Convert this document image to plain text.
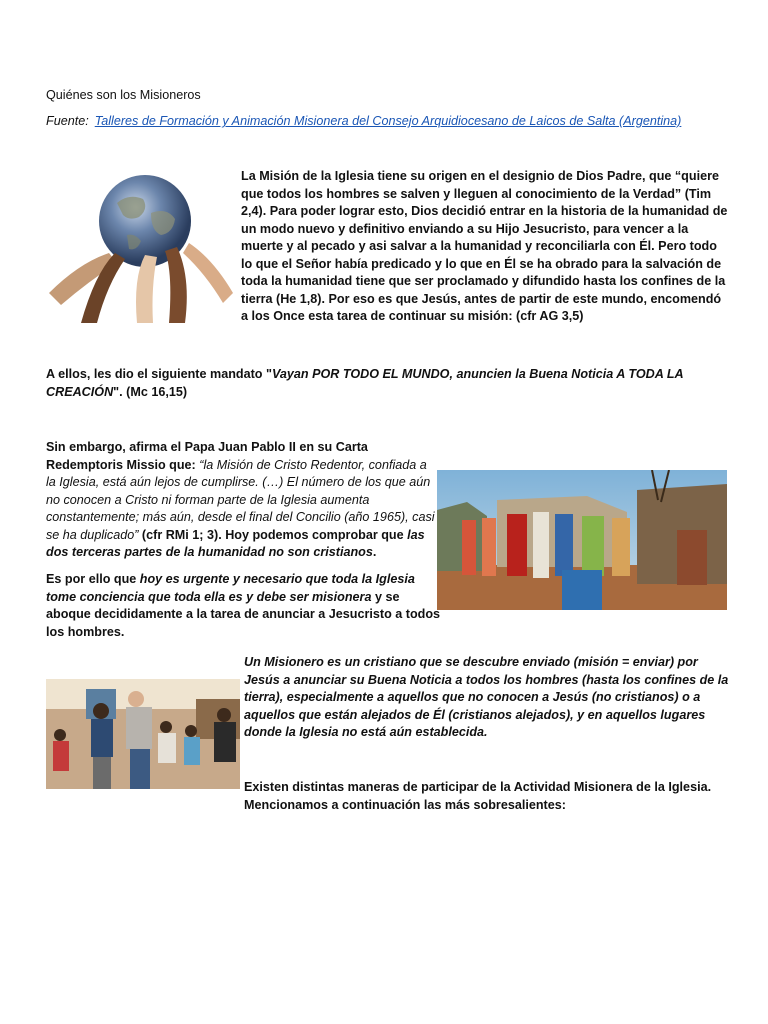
Quiénes son los Misioneros
Fuente: Talleres de Formación y Animación Misionera del Consejo Arquidiocesano de Laicos de Salta (Argentina)
La Misión de la Iglesia tiene su origen en el designio de Dios Padre, que “quiere que todos los hombres se salven y lleguen al conocimiento de la Verdad” (Tim 2,4). Para poder lograr esto, Dios decidió entrar en la historia de la humanidad de un modo nuevo y definitivo enviando a su Hijo Jesucristo, para vencer a la muerte y al pecado y asi salvar a la humanidad y reconciliarla con Él. Pero todo lo que el Señor había predicado y lo que en Él se ha obrado para la salvación de toda la humanidad tiene que ser proclamado y difundido hasta los confines de la tierra (He 1,8). Por eso es que Jesús, antes de partir de este mundo, encomendó a los Once esta tarea de continuar su misión: (cfr AG 3,5)
A ellos, les dio el siguiente mandato "Vayan POR TODO EL MUNDO, anuncien la Buena Noticia A TODA LA CREACIÓN". (Mc 16,15)
Sin embargo, afirma el Papa Juan Pablo II en su Carta Redemptoris Missio que: “la Misión de Cristo Redentor, confiada a la Iglesia, está aún lejos de cumplirse. (…) El número de los que aún no conocen a Cristo ni forman parte de la Iglesia aumenta constantemente; más aún, desde el final del Concilio (año 1965), casi se ha duplicado” (cfr RMi 1; 3). Hoy podemos comprobar que las dos terceras partes de la humanidad no son cristianos.
Es por ello que hoy es urgente y necesario que toda la Iglesia tome conciencia que toda ella es y debe ser misionera y se aboque decididamente a la tarea de anunciar a Jesucristo a todos los hombres.
Un Misionero es un cristiano que se descubre enviado (misión = enviar) por Jesús a anunciar su Buena Noticia a todos los hombres (hasta los confines de la tierra), especialmente a aquellos que no conocen a Jesús (no cristianos) o a aquellos que están alejados de Él (cristianos alejados), y en aquellos lugares donde la Iglesia no está aún establecida.
Existen distintas maneras de participar de la Actividad Misionera de la Iglesia. Mencionamos a continuación las más sobresalientes:
